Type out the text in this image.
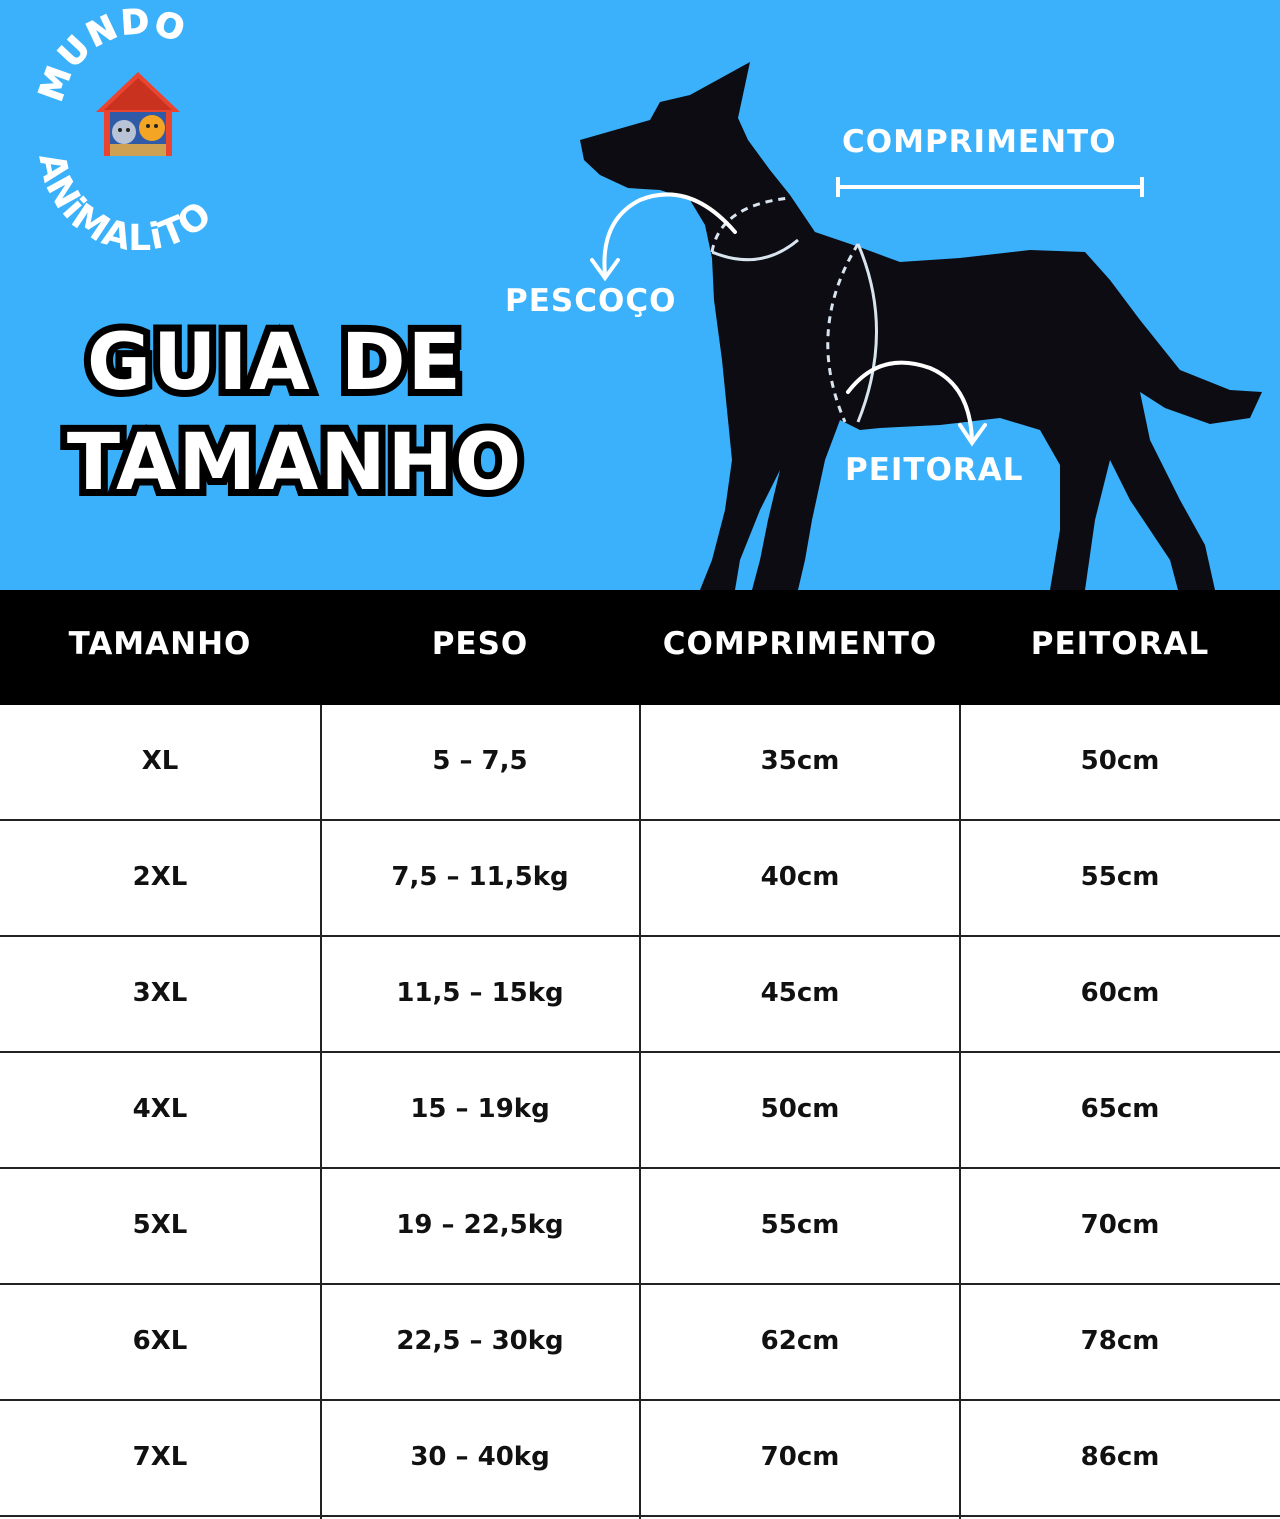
MUNDO
ANiMALiTO
GUIA DE
TAMANHO
COMPRIMENTO
PESCOÇO
PEITORAL
TAMANHO	PESO	COMPRIMENTO	PEITORAL
XL	5 – 7,5	35cm	50cm
2XL	7,5 – 11,5kg	40cm	55cm
3XL	11,5 – 15kg	45cm	60cm
4XL	15 – 19kg	50cm	65cm
5XL	19 – 22,5kg	55cm	70cm
6XL	22,5 – 30kg	62cm	78cm
7XL	30 – 40kg	70cm	86cm
